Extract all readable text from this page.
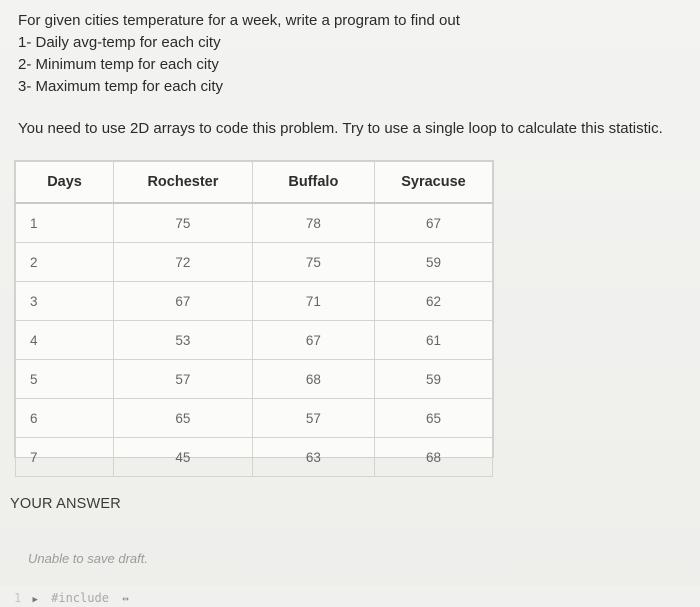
For given cities temperature for a week, write a program to find out
1- Daily avg-temp for each city
2- Minimum temp for each city
3- Maximum temp for each city
You need to use 2D arrays to code this problem. Try to use a single loop to calculate this statistic.
Days	Rochester	Buffalo	Syracuse
1	75	78	67
2	72	75	59
3	67	71	62
4	53	67	61
5	57	68	59
6	65	57	65
7	45	63	68
YOUR ANSWER
Unable to save draft.
1 ▶ #include ↔
